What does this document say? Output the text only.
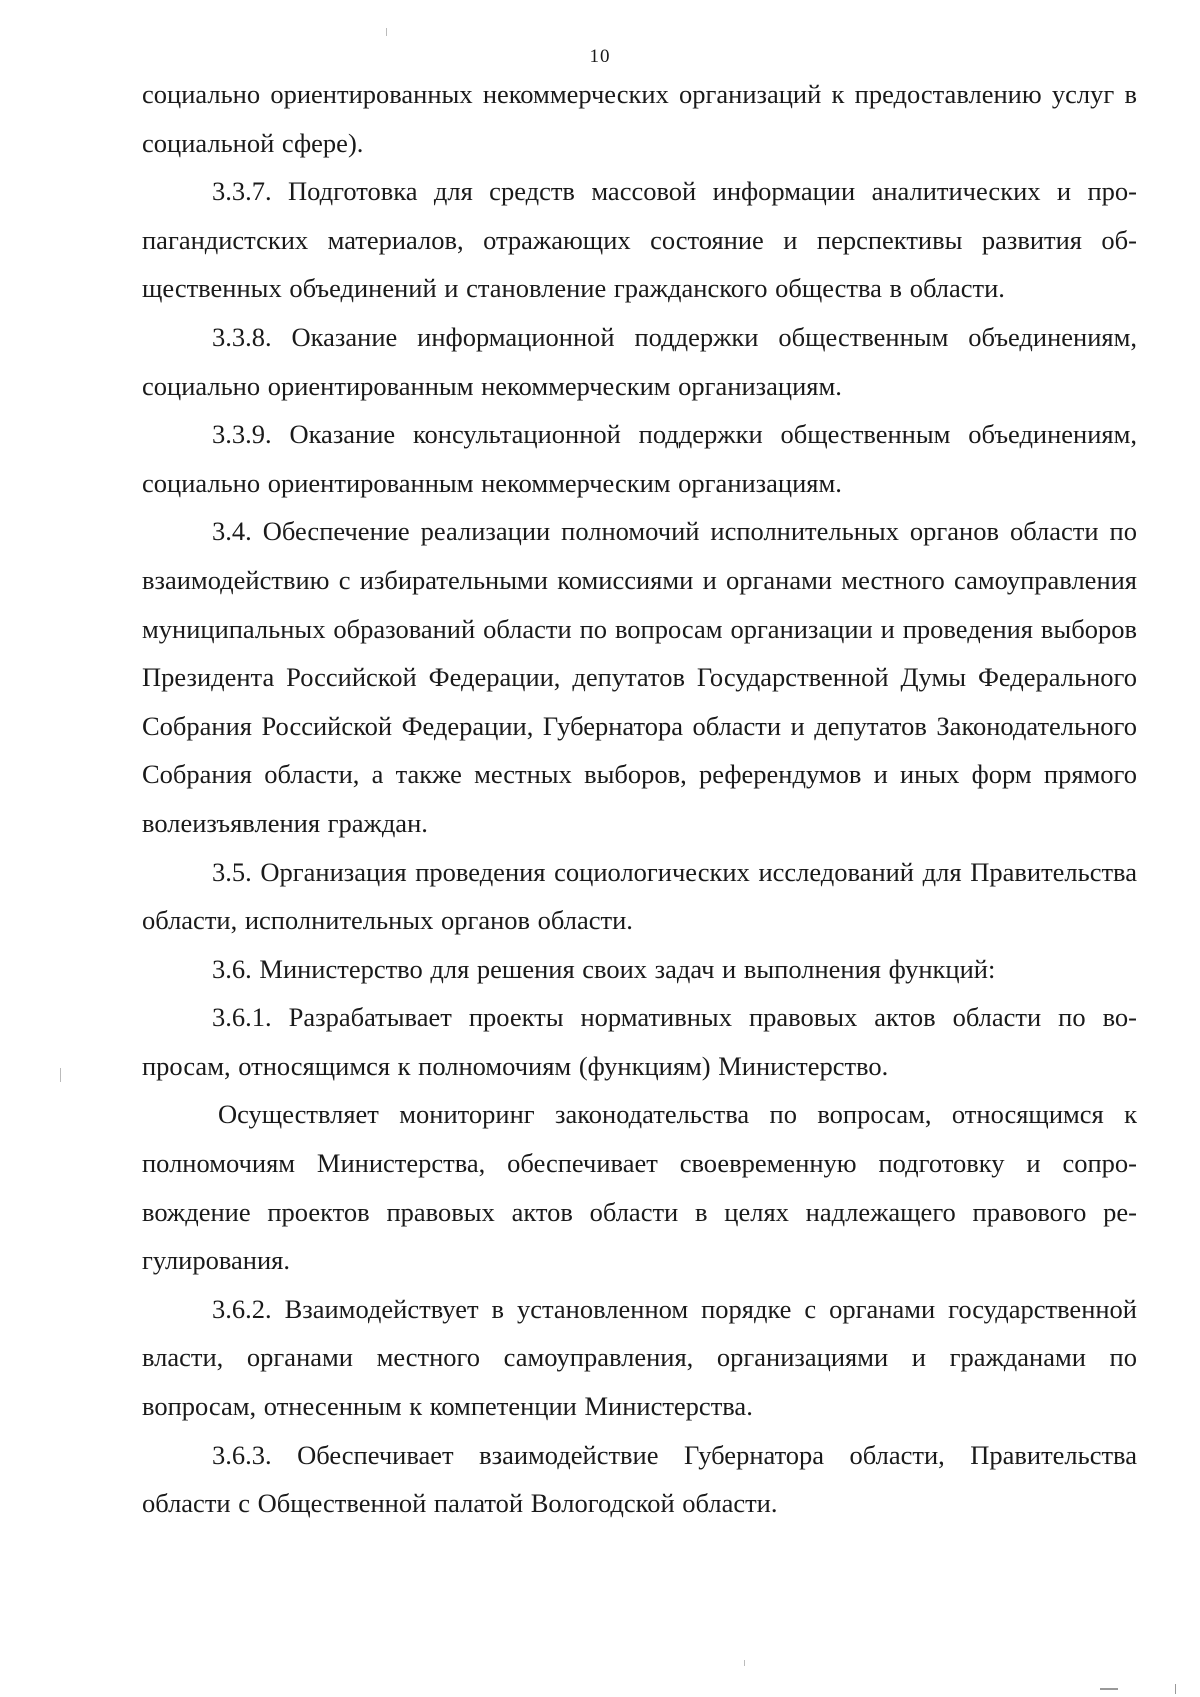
10

социально ориентированных некоммерческих организаций к предоставлению услуг в социальной сфере).

3.3.7. Подготовка для средств массовой информации аналитических и пропагандистских материалов, отражающих состояние и перспективы развития общественных объединений и становление гражданского общества в области.

3.3.8. Оказание информационной поддержки общественным объединениям, социально ориентированным некоммерческим организациям.

3.3.9. Оказание консультационной поддержки общественным объединениям, социально ориентированным некоммерческим организациям.

3.4. Обеспечение реализации полномочий исполнительных органов области по взаимодействию с избирательными комиссиями и органами местного самоуправления муниципальных образований области по вопросам организации и проведения выборов Президента Российской Федерации, депутатов Государственной Думы Федерального Собрания Российской Федерации, Губернатора области и депутатов Законодательного Собрания области, а также местных выборов, референдумов и иных форм прямого волеизъявления граждан.

3.5. Организация проведения социологических исследований для Правительства области, исполнительных органов области.

3.6. Министерство для решения своих задач и выполнения функций:

3.6.1. Разрабатывает проекты нормативных правовых актов области по вопросам, относящимся к полномочиям (функциям) Министерство.

Осуществляет мониторинг законодательства по вопросам, относящимся к полномочиям Министерства, обеспечивает своевременную подготовку и сопровождение проектов правовых актов области в целях надлежащего правового регулирования.

3.6.2. Взаимодействует в установленном порядке с органами государственной власти, органами местного самоуправления, организациями и гражданами по вопросам, отнесенным к компетенции Министерства.

3.6.3. Обеспечивает взаимодействие Губернатора области, Правительства области с Общественной палатой Вологодской области.
